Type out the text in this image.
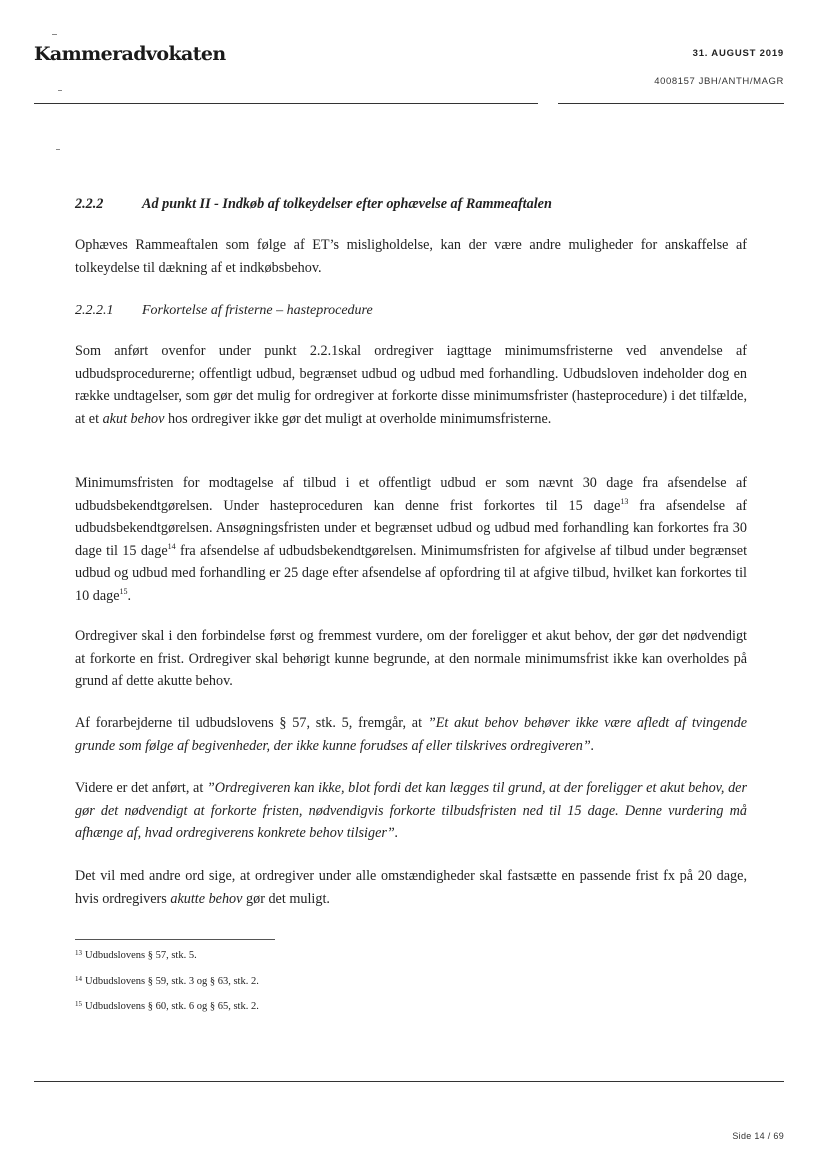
Kammeradvokaten	31. AUGUST 2019
4008157 JBH/ANTH/MAGR
2.2.2	Ad punkt II - Indkøb af tolkeydelser efter ophævelse af Rammeaftalen

Ophæves Rammeaftalen som følge af ET’s misligholdelse, kan der være andre muligheder for anskaffelse af tolkeydelse til dækning af et indkøbsbehov.

2.2.2.1 Forkortelse af fristerne – hasteprocedure

Som anført ovenfor under punkt 2.2.1skal ordregiver iagttage minimumsfristerne ved anvendelse af udbudsprocedurerne; offentligt udbud, begrænset udbud og udbud med forhandling. Udbudsloven indeholder dog en række undtagelser, som gør det mulig for ordregiver at forkorte disse minimumsfrister (hasteprocedure) i det tilfælde, at et akut behov hos ordregiver ikke gør det muligt at overholde minimumsfristerne.

Minimumsfristen for modtagelse af tilbud i et offentligt udbud er som nævnt 30 dage fra afsendelse af udbudsbekendtgørelsen. Under hasteproceduren kan denne frist forkortes til 15 dage$^{13}$ fra afsendelse af udbudsbekendtgørelsen. Ansøgningsfristen under et begrænset udbud og udbud med forhandling kan forkortes fra 30 dage til 15 dage$^{14}$ fra afsendelse af udbudsbekendtgørelsen. Minimumsfristen for afgivelse af tilbud under begrænset udbud og udbud med forhandling er 25 dage efter afsendelse af opfordring til at afgive tilbud, hvilket kan forkortes til 10 dage$^{15}$.

Ordregiver skal i den forbindelse først og fremmest vurdere, om der foreligger et akut behov, der gør det nødvendigt at forkorte en frist. Ordregiver skal behørigt kunne begrunde, at den normale minimumsfrist ikke kan overholdes på grund af dette akutte behov.

Af forarbejderne til udbudslovens § 57, stk. 5, fremgår, at ”Et akut behov behøver ikke være afledt af tvingende grunde som følge af begivenheder, der ikke kunne forudses af eller tilskrives ordregiveren”.

Videre er det anført, at ”Ordregiveren kan ikke, blot fordi det kan lægges til grund, at der foreligger et akut behov, der gør det nødvendigt at forkorte fristen, nødvendigvis forkorte tilbudsfristen ned til 15 dage. Denne vurdering må afhænge af, hvad ordregiverens konkrete behov tilsiger”.

Det vil med andre ord sige, at ordregiver under alle omstændigheder skal fastsætte en passende frist fx på 20 dage, hvis ordregivers akutte behov gør det muligt.

$^{13}$ Udbudslovens § 57, stk. 5.
$^{14}$ Udbudslovens § 59, stk. 3 og § 63, stk. 2.
$^{15}$ Udbudslovens § 60, stk. 6 og § 65, stk. 2.
Side 14 / 69
